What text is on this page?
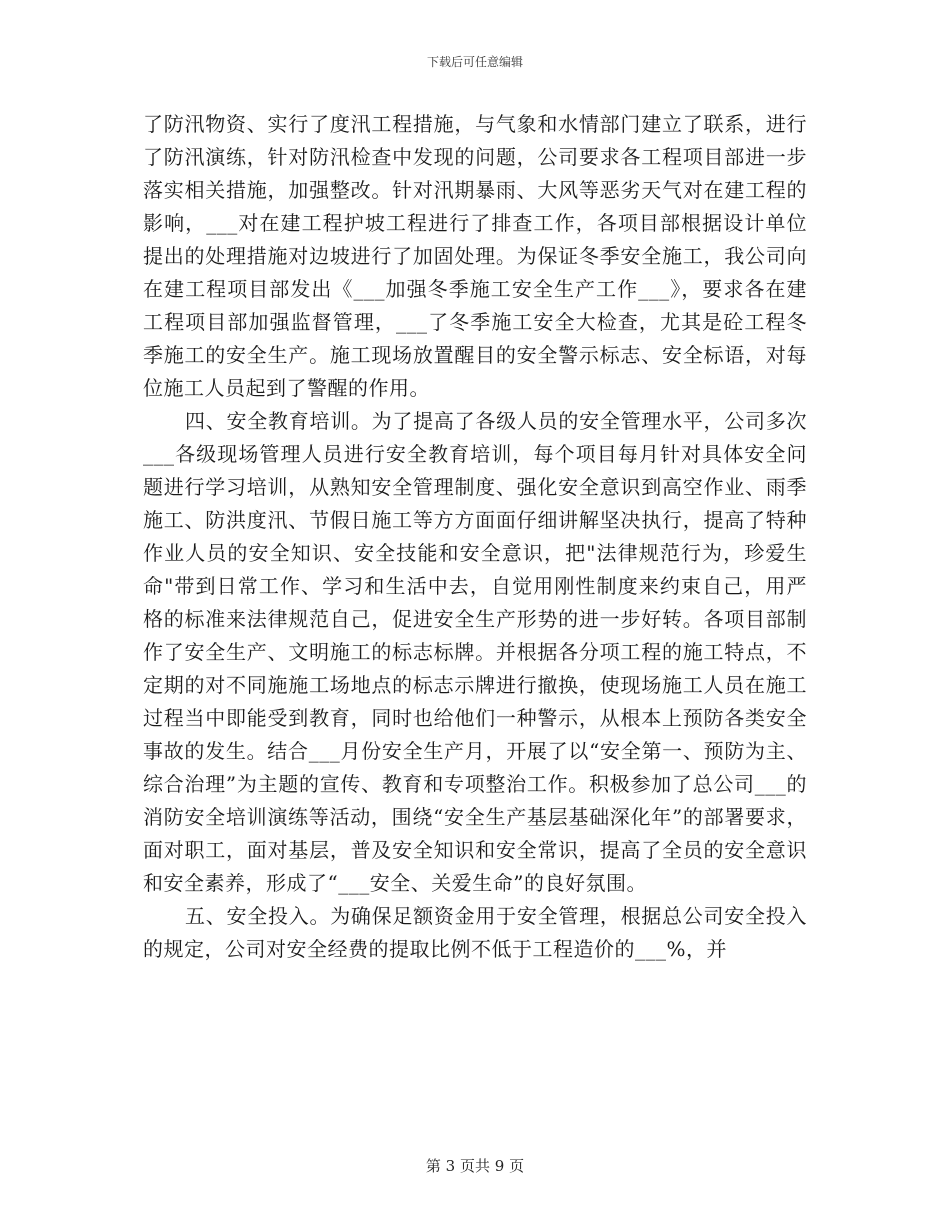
下载后可任意编辑

了防汛物资、实行了度汛工程措施，与气象和水情部门建立了联系，进行了防汛演练，针对防汛检查中发现的问题，公司要求各工程项目部进一步落实相关措施，加强整改。针对汛期暴雨、大风等恶劣天气对在建工程的影响，___对在建工程护坡工程进行了排查工作，各项目部根据设计单位提出的处理措施对边坡进行了加固处理。为保证冬季安全施工，我公司向在建工程项目部发出《___加强冬季施工安全生产工作___》，要求各在建工程项目部加强监督管理，___了冬季施工安全大检查，尤其是砼工程冬季施工的安全生产。施工现场放置醒目的安全警示标志、安全标语，对每位施工人员起到了警醒的作用。

四、安全教育培训。为了提高了各级人员的安全管理水平，公司多次___各级现场管理人员进行安全教育培训，每个项目每月针对具体安全问题进行学习培训，从熟知安全管理制度、强化安全意识到高空作业、雨季施工、防洪度汛、节假日施工等方方面面仔细讲解坚决执行，提高了特种作业人员的安全知识、安全技能和安全意识，把"法律规范行为，珍爱生命"带到日常工作、学习和生活中去，自觉用刚性制度来约束自己，用严格的标准来法律规范自己，促进安全生产形势的进一步好转。各项目部制作了安全生产、文明施工的标志标牌。并根据各分项工程的施工特点，不定期的对不同施施工场地点的标志示牌进行撤换，使现场施工人员在施工过程当中即能受到教育，同时也给他们一种警示，从根本上预防各类安全事故的发生。结合___月份安全生产月，开展了以“安全第一、预防为主、综合治理”为主题的宣传、教育和专项整治工作。积极参加了总公司___的消防安全培训演练等活动，围绕“安全生产基层基础深化年”的部署要求，面对职工，面对基层，普及安全知识和安全常识，提高了全员的安全意识和安全素养，形成了“___安全、关爱生命”的良好氛围。

五、安全投入。为确保足额资金用于安全管理，根据总公司安全投入的规定，公司对安全经费的提取比例不低于工程造价的___%，并

第 3 页共 9 页
